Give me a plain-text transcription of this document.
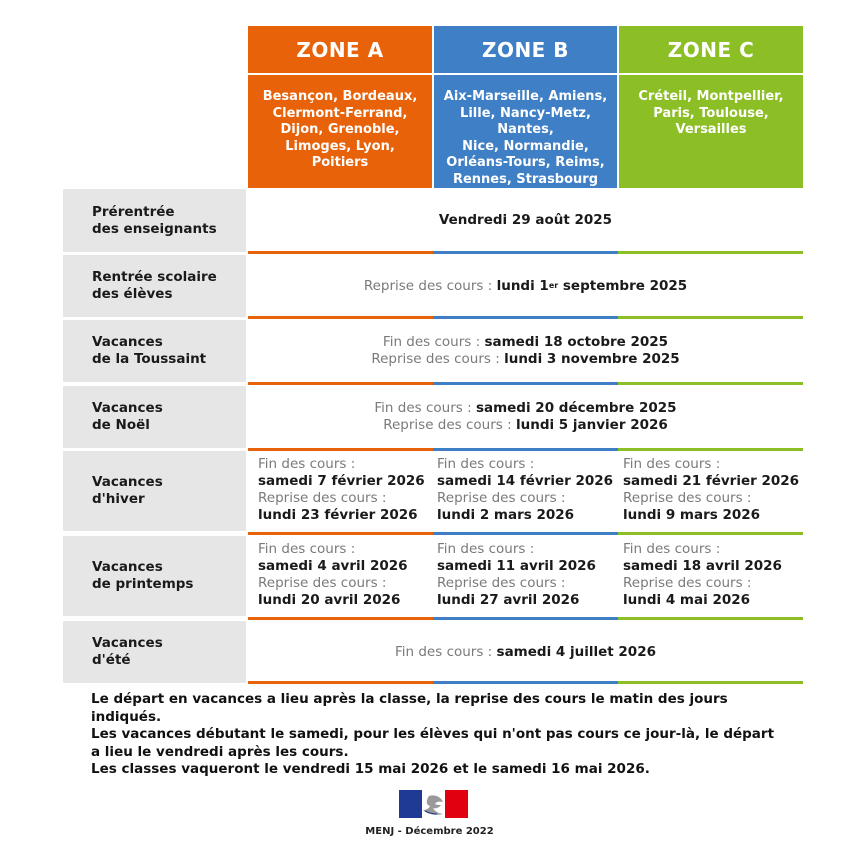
ZONE A	ZONE B	ZONE C
Besançon, Bordeaux,
Clermont-Ferrand,
Dijon, Grenoble,
Limoges, Lyon, Poitiers
Aix-Marseille, Amiens,
Lille, Nancy-Metz, Nantes,
Nice, Normandie,
Orléans-Tours, Reims,
Rennes, Strasbourg
Créteil, Montpellier,
Paris, Toulouse,
Versailles
Prérentrée
des enseignants
Vendredi 29 août 2025
Rentrée scolaire
des élèves
Reprise des cours : lundi 1er septembre 2025
Vacances
de la Toussaint
Fin des cours : samedi 18 octobre 2025
Reprise des cours : lundi 3 novembre 2025
Vacances
de Noël
Fin des cours : samedi 20 décembre 2025
Reprise des cours : lundi 5 janvier 2026
Vacances
d'hiver
Fin des cours :
samedi 7 février 2026
Reprise des cours :
lundi 23 février 2026
Fin des cours :
samedi 14 février 2026
Reprise des cours :
lundi 2 mars 2026
Fin des cours :
samedi 21 février 2026
Reprise des cours :
lundi 9 mars 2026
Vacances
de printemps
Fin des cours :
samedi 4 avril 2026
Reprise des cours :
lundi 20 avril 2026
Fin des cours :
samedi 11 avril 2026
Reprise des cours :
lundi 27 avril 2026
Fin des cours :
samedi 18 avril 2026
Reprise des cours :
lundi 4 mai 2026
Vacances
d'été
Fin des cours : samedi 4 juillet 2026
Le départ en vacances a lieu après la classe, la reprise des cours le matin des jours indiqués.
Les vacances débutant le samedi, pour les élèves qui n'ont pas cours ce jour-là, le départ
a lieu le vendredi après les cours.
Les classes vaqueront le vendredi 15 mai 2026 et le samedi 16 mai 2026.
MENJ - Décembre 2022
